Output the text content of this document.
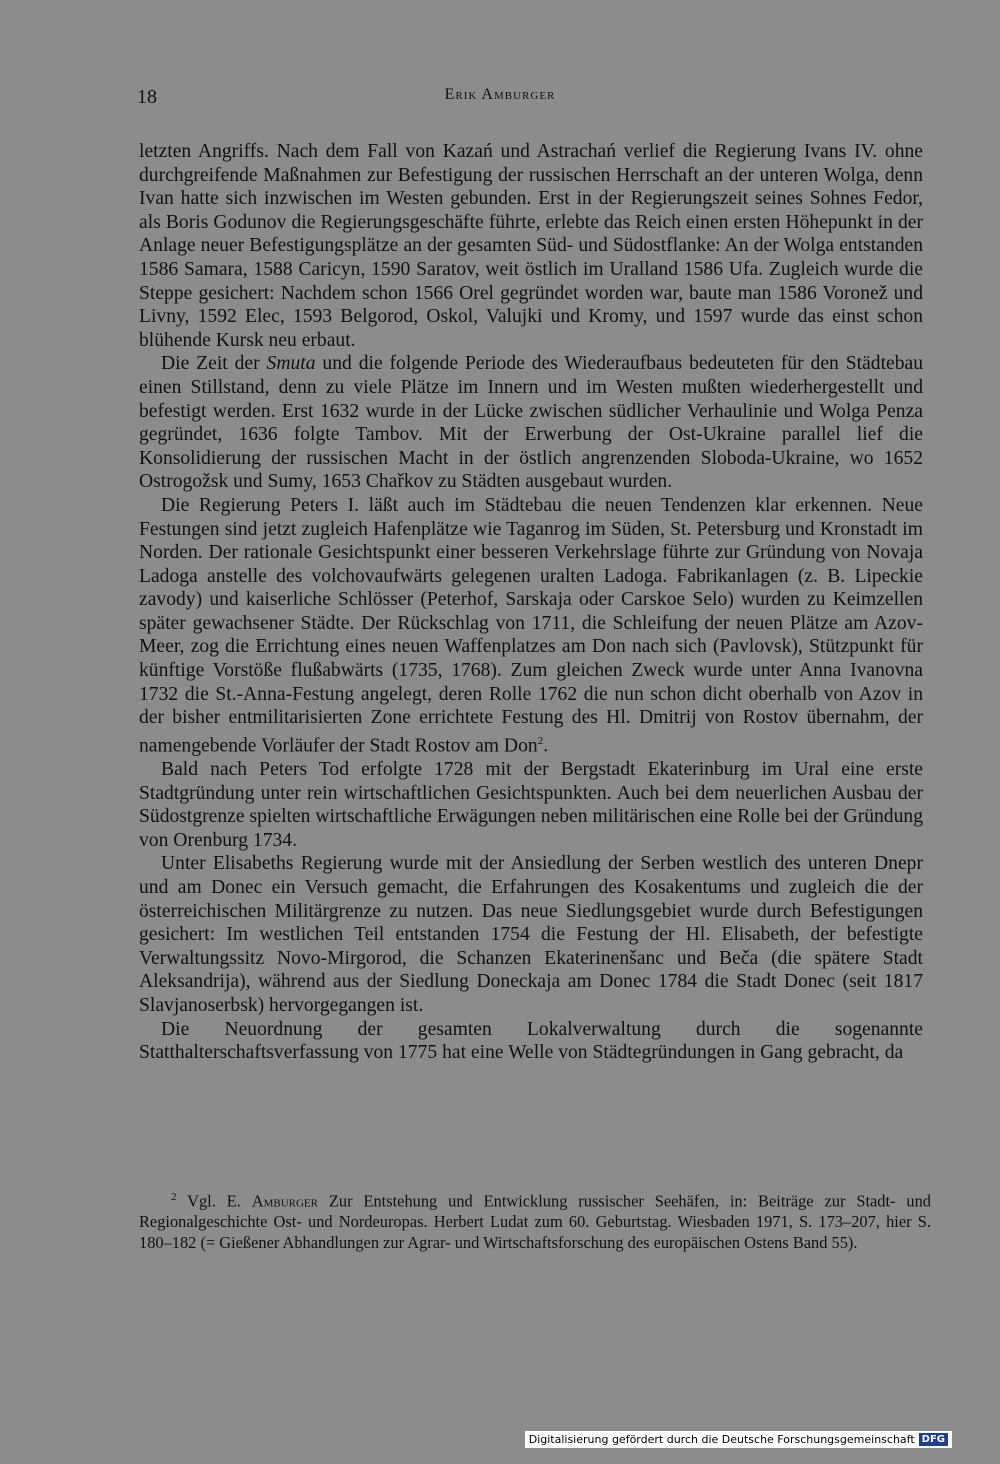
18	Erik Amburger

letzten Angriffs. Nach dem Fall von Kazań und Astrachań verlief die Regierung Ivans IV. ohne durchgreifende Maßnahmen zur Befestigung der russischen Herrschaft an der unteren Wolga, denn Ivan hatte sich inzwischen im Westen gebunden. Erst in der Regierungszeit seines Sohnes Fedor, als Boris Godunov die Regierungsgeschäfte führte, erlebte das Reich einen ersten Höhepunkt in der Anlage neuer Befestigungsplätze an der gesamten Süd- und Südostflanke: An der Wolga entstanden 1586 Samara, 1588 Caricyn, 1590 Saratov, weit östlich im Uralland 1586 Ufa. Zugleich wurde die Steppe gesichert: Nachdem schon 1566 Orel gegründet worden war, baute man 1586 Voronež und Livny, 1592 Elec, 1593 Belgorod, Oskol, Valujki und Kromy, und 1597 wurde das einst schon blühende Kursk neu erbaut.

Die Zeit der Smuta und die folgende Periode des Wiederaufbaus bedeuteten für den Städtebau einen Stillstand, denn zu viele Plätze im Innern und im Westen mußten wiederhergestellt und befestigt werden. Erst 1632 wurde in der Lücke zwischen südlicher Verhaulinie und Wolga Penza gegründet, 1636 folgte Tambov. Mit der Erwerbung der Ost-Ukraine parallel lief die Konsolidierung der russischen Macht in der östlich angrenzenden Sloboda-Ukraine, wo 1652 Ostrogožsk und Sumy, 1653 Chařkov zu Städten ausgebaut wurden.

Die Regierung Peters I. läßt auch im Städtebau die neuen Tendenzen klar erkennen. Neue Festungen sind jetzt zugleich Hafenplätze wie Taganrog im Süden, St. Petersburg und Kronstadt im Norden. Der rationale Gesichtspunkt einer besseren Verkehrslage führte zur Gründung von Novaja Ladoga anstelle des volchovaufwärts gelegenen uralten Ladoga. Fabrikanlagen (z. B. Lipeckie zavody) und kaiserliche Schlösser (Peterhof, Sarskaja oder Carskoe Selo) wurden zu Keimzellen später gewachsener Städte. Der Rückschlag von 1711, die Schleifung der neuen Plätze am Azov-Meer, zog die Errichtung eines neuen Waffenplatzes am Don nach sich (Pavlovsk), Stützpunkt für künftige Vorstöße flußabwärts (1735, 1768). Zum gleichen Zweck wurde unter Anna Ivanovna 1732 die St.-Anna-Festung angelegt, deren Rolle 1762 die nun schon dicht oberhalb von Azov in der bisher entmilitarisierten Zone errichtete Festung des Hl. Dmitrij von Rostov übernahm, der namengebende Vorläufer der Stadt Rostov am Don$^2$.

Bald nach Peters Tod erfolgte 1728 mit der Bergstadt Ekaterinburg im Ural eine erste Stadtgründung unter rein wirtschaftlichen Gesichtspunkten. Auch bei dem neuerlichen Ausbau der Südostgrenze spielten wirtschaftliche Erwägungen neben militärischen eine Rolle bei der Gründung von Orenburg 1734.

Unter Elisabeths Regierung wurde mit der Ansiedlung der Serben westlich des unteren Dnepr und am Donec ein Versuch gemacht, die Erfahrungen des Kosakentums und zugleich die der österreichischen Militärgrenze zu nutzen. Das neue Siedlungsgebiet wurde durch Befestigungen gesichert: Im westlichen Teil entstanden 1754 die Festung der Hl. Elisabeth, der befestigte Verwaltungssitz Novo-Mirgorod, die Schanzen Ekaterinenšanc und Beča (die spätere Stadt Aleksandrija), während aus der Siedlung Doneckaja am Donec 1784 die Stadt Donec (seit 1817 Slavjanoserbsk) hervorgegangen ist.

Die Neuordnung der gesamten Lokalverwaltung durch die sogenannte Statthalterschaftsverfassung von 1775 hat eine Welle von Städtegründungen in Gang gebracht, da

$^2$ Vgl. E. Amburger Zur Entstehung und Entwicklung russischer Seehäfen, in: Beiträge zur Stadt- und Regionalgeschichte Ost- und Nordeuropas. Herbert Ludat zum 60. Geburtstag. Wiesbaden 1971, S. 173–207, hier S. 180–182 (= Gießener Abhandlungen zur Agrar- und Wirtschaftsforschung des europäischen Ostens Band 55).

Digitalisierung gefördert durch die Deutsche Forschungsgemeinschaft DFG
